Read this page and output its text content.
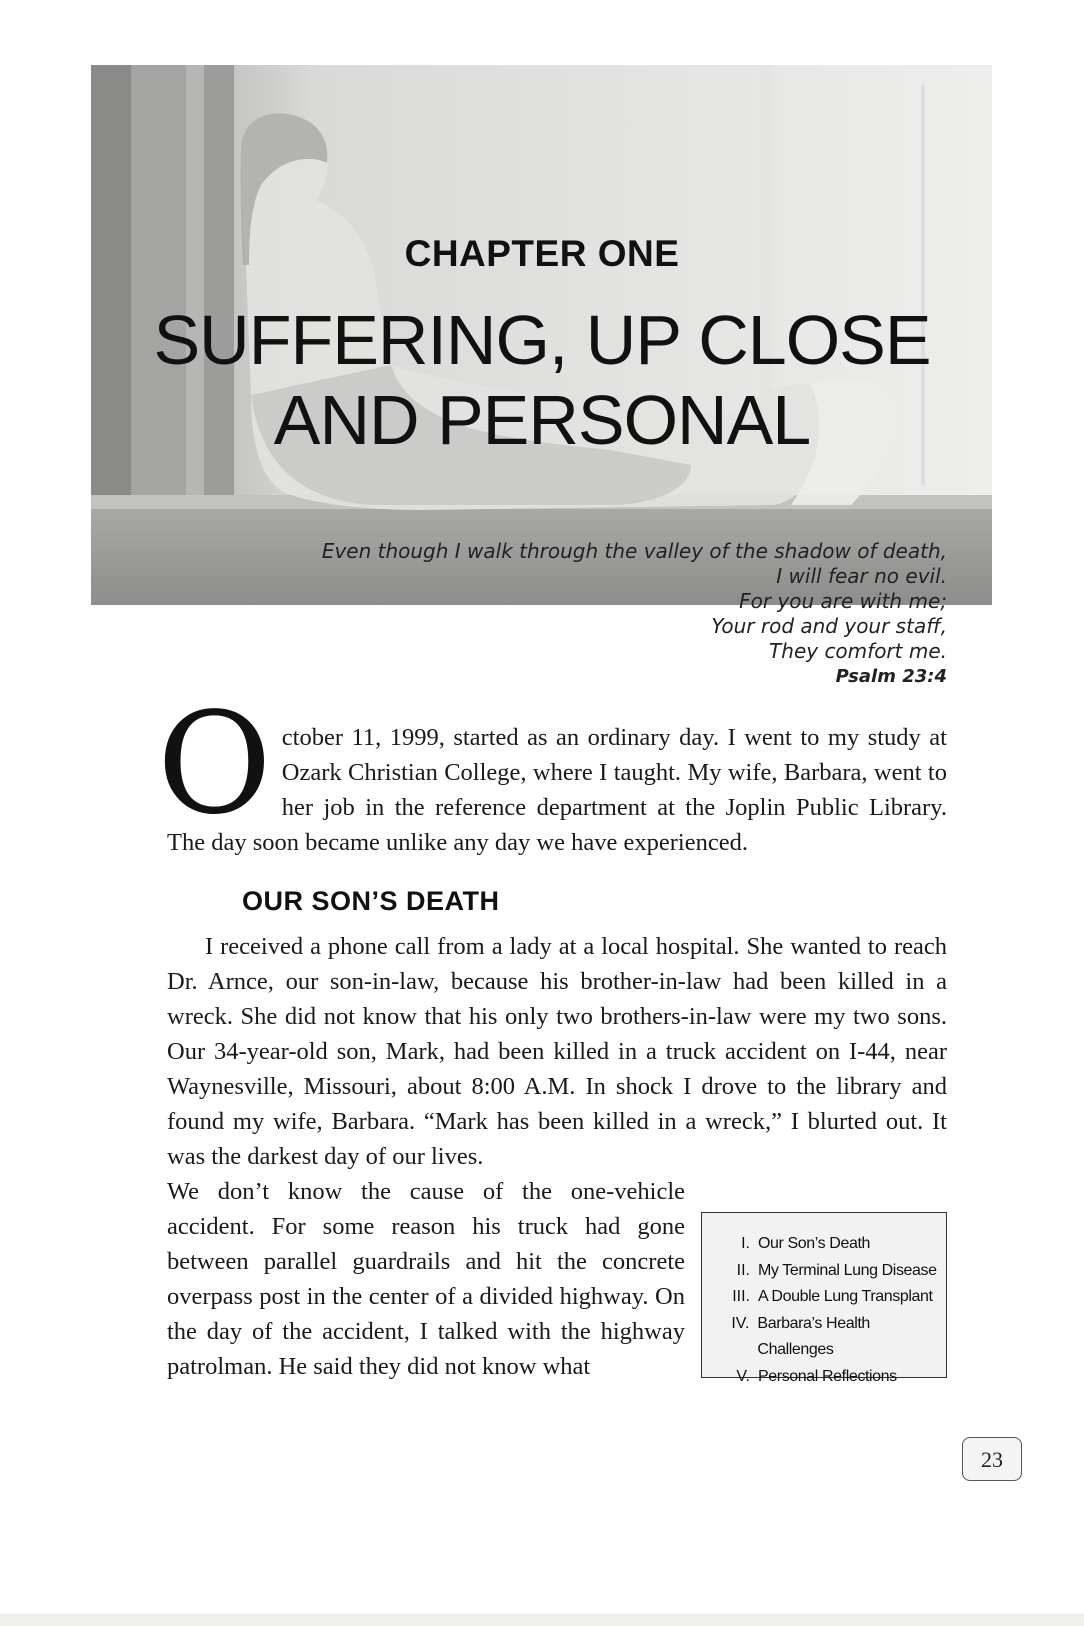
CHAPTER ONE
SUFFERING, UP CLOSE
AND PERSONAL
Even though I walk through the valley of the shadow of death,
I will fear no evil.
For you are with me;
Your rod and your staff,
They comfort me.
Psalm 23:4

October 11, 1999, started as an ordinary day. I went to my study at Ozark Christian College, where I taught. My wife, Barbara, went to her job in the reference department at the Joplin Public Library. The day soon became unlike any day we have experienced.

OUR SON’S DEATH

I received a phone call from a lady at a local hospital. She wanted to reach Dr. Arnce, our son-in-law, because his brother-in-law had been killed in a wreck. She did not know that his only two brothers-in-law were my two sons. Our 34-year-old son, Mark, had been killed in a truck accident on I-44, near Waynesville, Missouri, about 8:00 A.M. In shock I drove to the library and found my wife, Barbara. “Mark has been killed in a wreck,” I blurted out. It was the darkest day of our lives.

I. Our Son’s Death
II. My Terminal Lung Disease
III. A Double Lung Transplant
IV. Barbara’s Health Challenges
V. Personal Reflections
We don’t know the cause of the one-vehicle accident. For some reason his truck had gone between parallel guardrails and hit the concrete overpass post in the center of a divided highway. On the day of the accident, I talked with the highway patrolman. He said they did not know what

23
